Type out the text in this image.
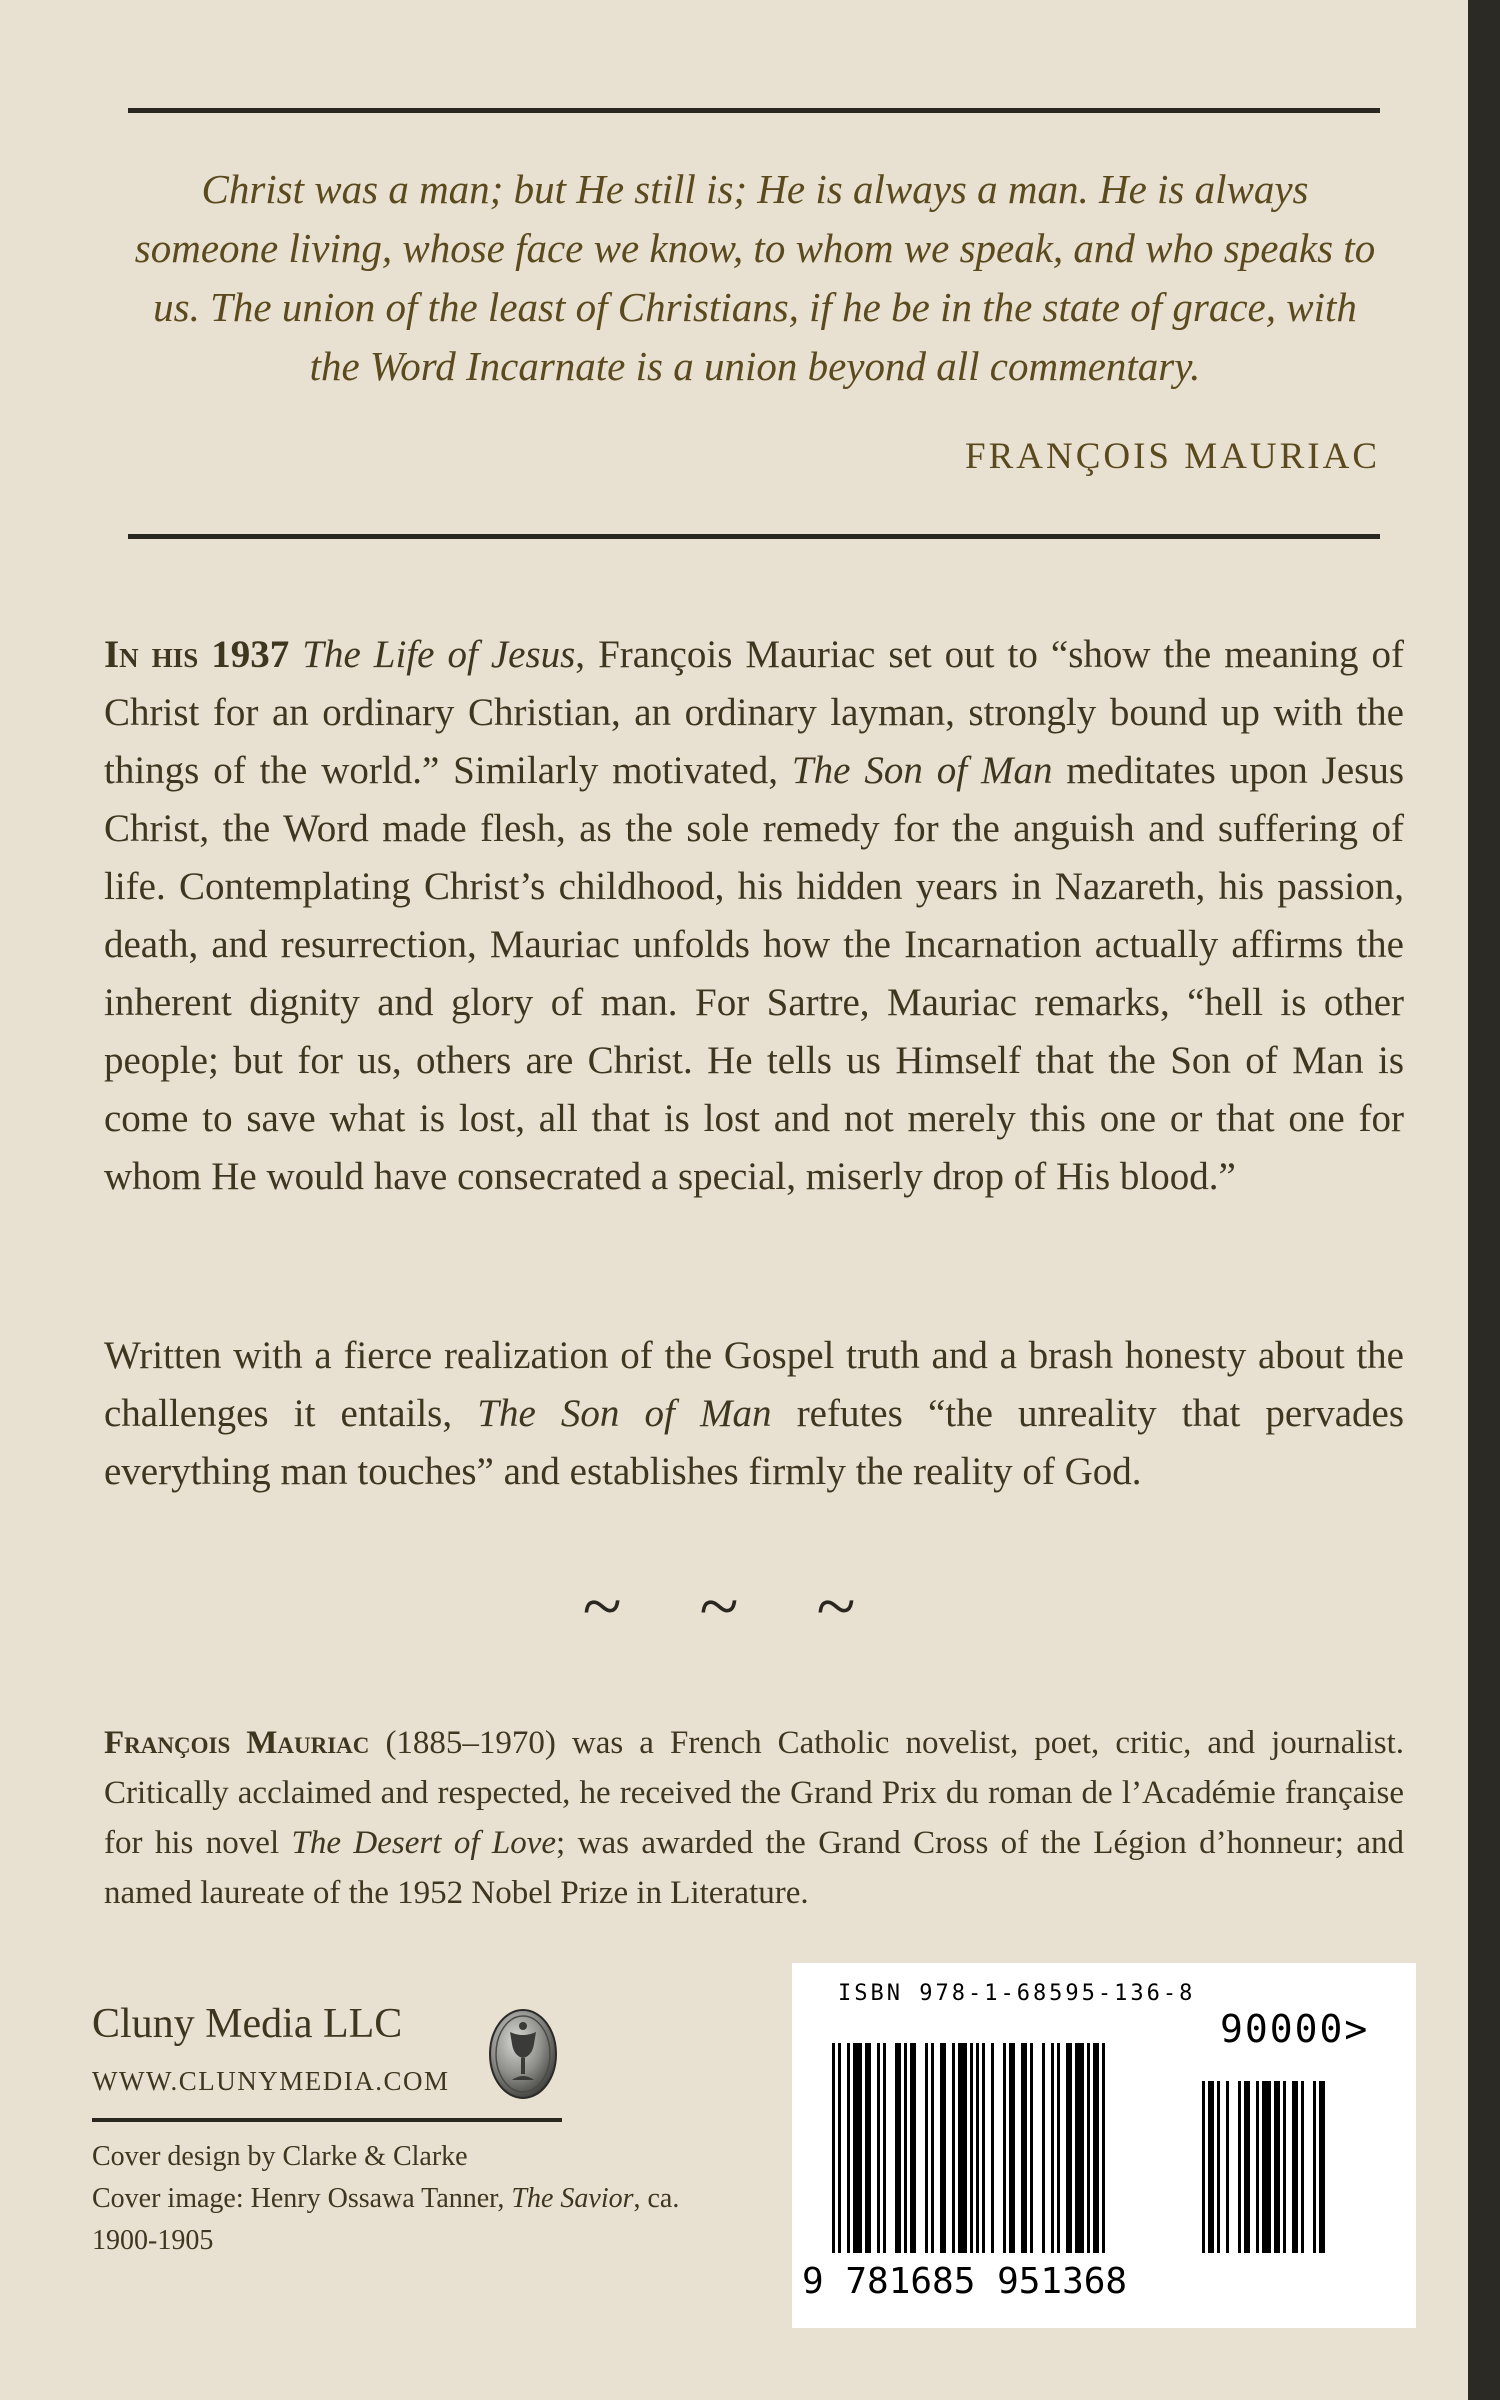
Christ was a man; but He still is; He is always a man. He is always someone living, whose face we know, to whom we speak, and who speaks to us. The union of the least of Christians, if he be in the state of grace, with the Word Incarnate is a union beyond all commentary.
FRANÇOIS MAURIAC

In his 1937 The Life of Jesus, François Mauriac set out to “show the meaning of Christ for an ordinary Christian, an ordinary layman, strongly bound up with the things of the world.” Similarly motivated, The Son of Man meditates upon Jesus Christ, the Word made flesh, as the sole remedy for the anguish and suffering of life. Contemplating Christ’s childhood, his hidden years in Nazareth, his passion, death, and resurrection, Mauriac unfolds how the Incarnation actually affirms the inherent dignity and glory of man. For Sartre, Mauriac remarks, “hell is other people; but for us, others are Christ. He tells us Himself that the Son of Man is come to save what is lost, all that is lost and not merely this one or that one for whom He would have consecrated a special, miserly drop of His blood.”

Written with a fierce realization of the Gospel truth and a brash honesty about the challenges it entails, The Son of Man refutes “the unreality that pervades everything man touches” and establishes firmly the reality of God.

~ ~ ~
François Mauriac (1885–1970) was a French Catholic novelist, poet, critic, and journalist. Critically acclaimed and respected, he received the Grand Prix du roman de l’Académie française for his novel The Desert of Love; was awarded the Grand Cross of the Légion d’honneur; and named laureate of the 1952 Nobel Prize in Literature.
Cluny Media LLC
WWW.CLUNYMEDIA.COM
Cover design by Clarke & Clarke
Cover image: Henry Ossawa Tanner, The Savior, ca. 1900-1905
ISBN 978-1-68595-136-8
90000>
9 781685 951368
